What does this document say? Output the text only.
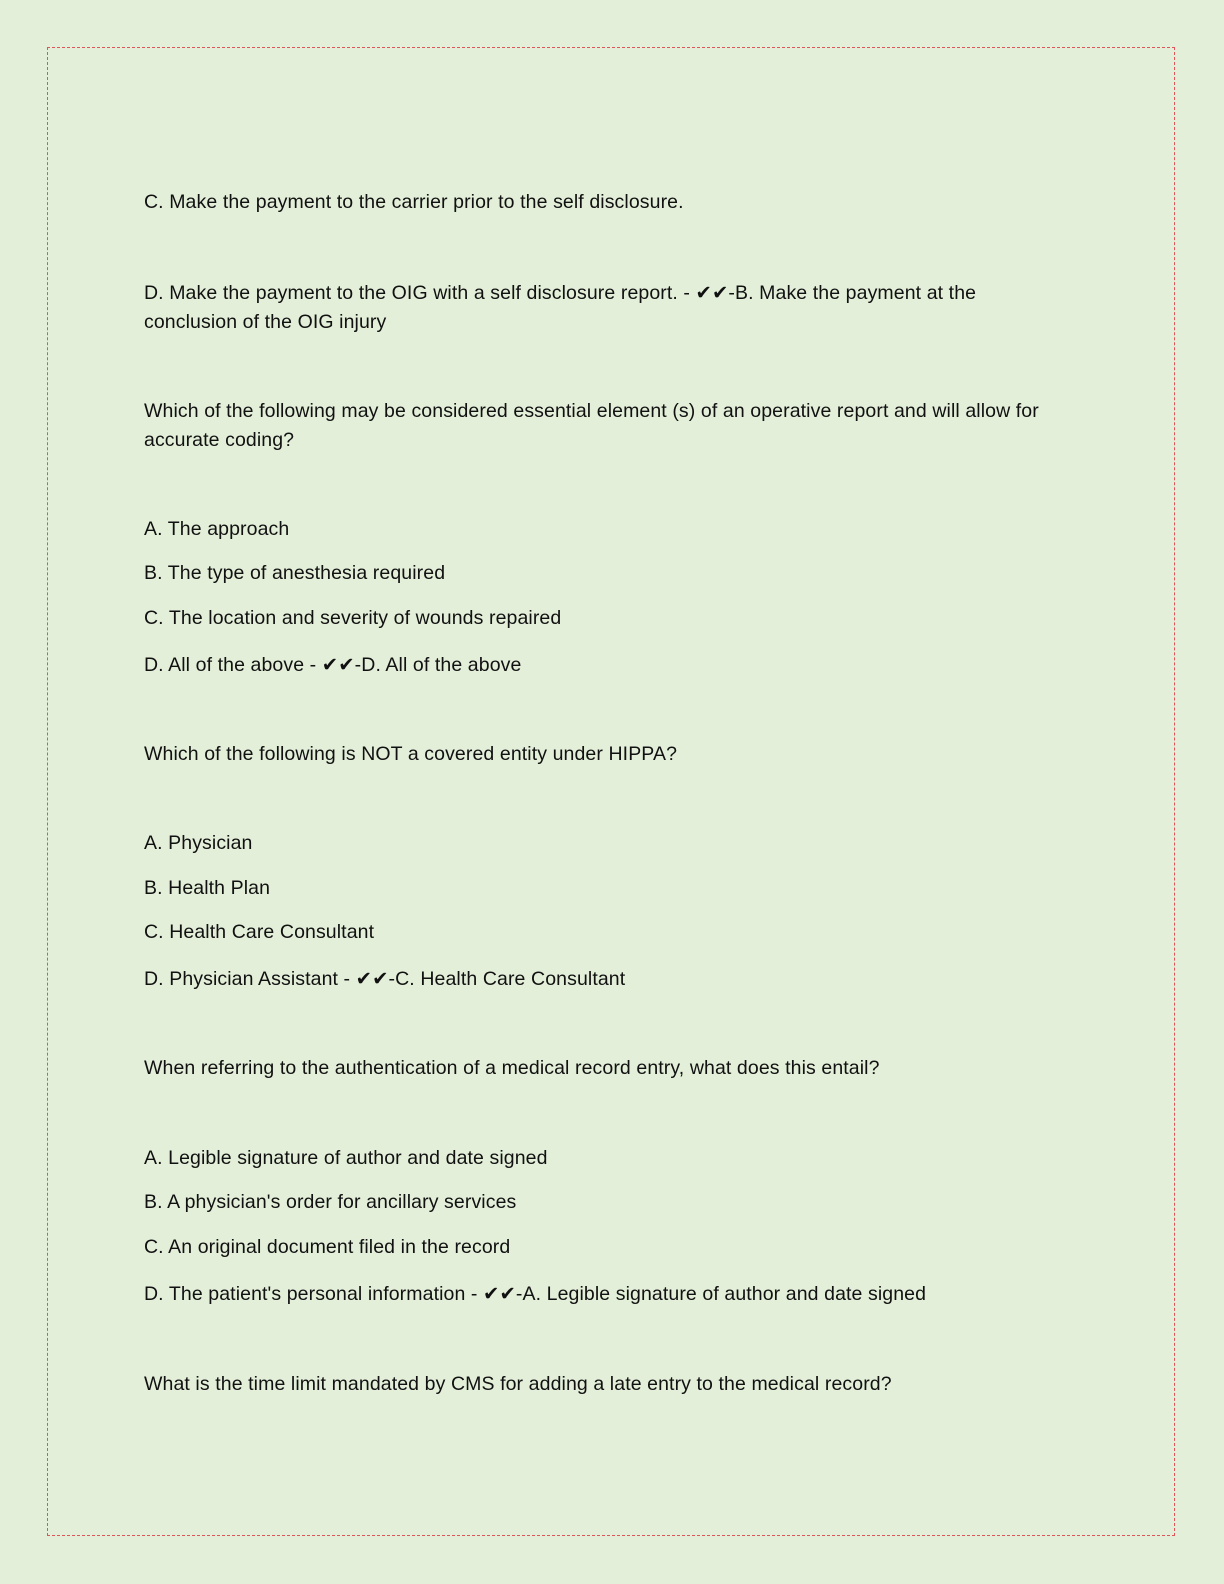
C. Make the payment to the carrier prior to the self disclosure.
D. Make the payment to the OIG with a self disclosure report. - ✔✔-B. Make the payment at the
conclusion of the OIG injury
Which of the following may be considered essential element (s) of an operative report and will allow for
accurate coding?
A. The approach
B. The type of anesthesia required
C. The location and severity of wounds repaired
D. All of the above - ✔✔-D. All of the above
Which of the following is NOT a covered entity under HIPPA?
A. Physician
B. Health Plan
C. Health Care Consultant
D. Physician Assistant - ✔✔-C. Health Care Consultant
When referring to the authentication of a medical record entry, what does this entail?
A. Legible signature of author and date signed
B. A physician's order for ancillary services
C. An original document filed in the record
D. The patient's personal information - ✔✔-A. Legible signature of author and date signed
What is the time limit mandated by CMS for adding a late entry to the medical record?
